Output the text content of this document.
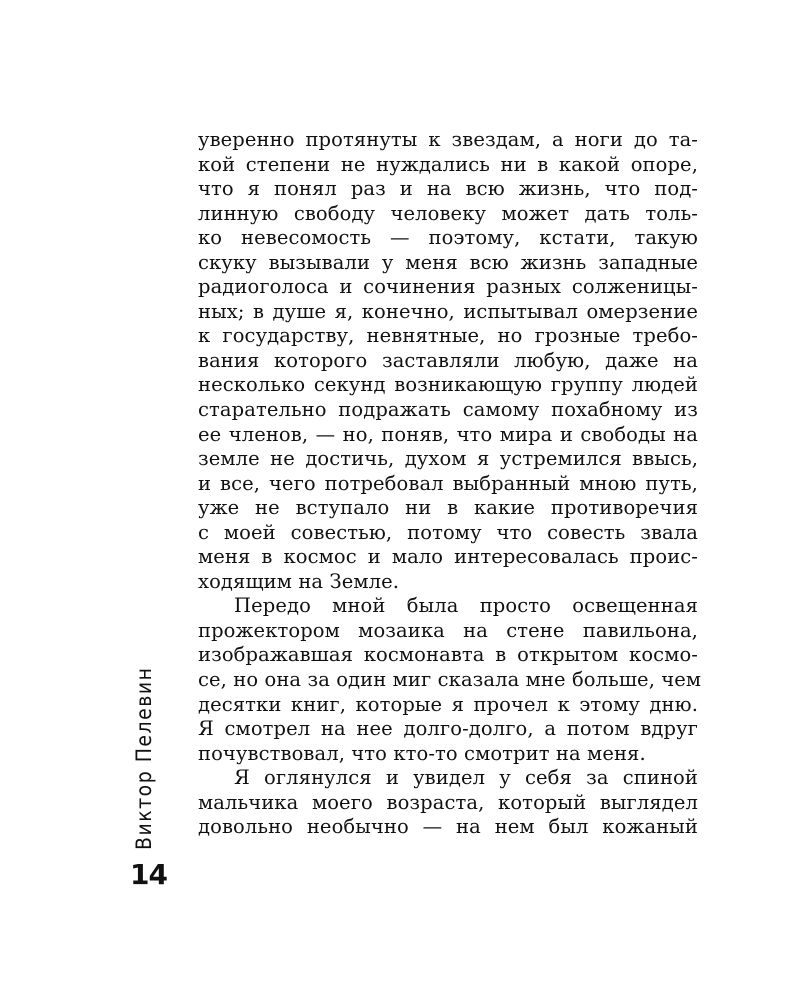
уверенно протянуты к звездам, а ноги до та-
кой степени не нуждались ни в какой опоре,
что я понял раз и на всю жизнь, что под-
линную свободу человеку может дать толь-
ко невесомость — поэтому, кстати, такую
скуку вызывали у меня всю жизнь западные
радиоголоса и сочинения разных солженицы-
ных; в душе я, конечно, испытывал омерзение
к государству, невнятные, но грозные требо-
вания которого заставляли любую, даже на
несколько секунд возникающую группу людей
старательно подражать самому похабному из
ее членов, — но, поняв, что мира и свободы на
земле не достичь, духом я устремился ввысь,
и все, чего потребовал выбранный мною путь,
уже не вступало ни в какие противоречия
с моей совестью, потому что совесть звала
меня в космос и мало интересовалась проис-
ходящим на Земле.
Передо мной была просто освещенная
прожектором мозаика на стене павильона,
изображавшая космонавта в открытом космо-
се, но она за один миг сказала мне больше, чем
десятки книг, которые я прочел к этому дню.
Я смотрел на нее долго-долго, а потом вдруг
почувствовал, что кто-то смотрит на меня.
Я оглянулся и увидел у себя за спиной
мальчика моего возраста, который выглядел
довольно необычно — на нем был кожаный
Виктор Пелевин
14
